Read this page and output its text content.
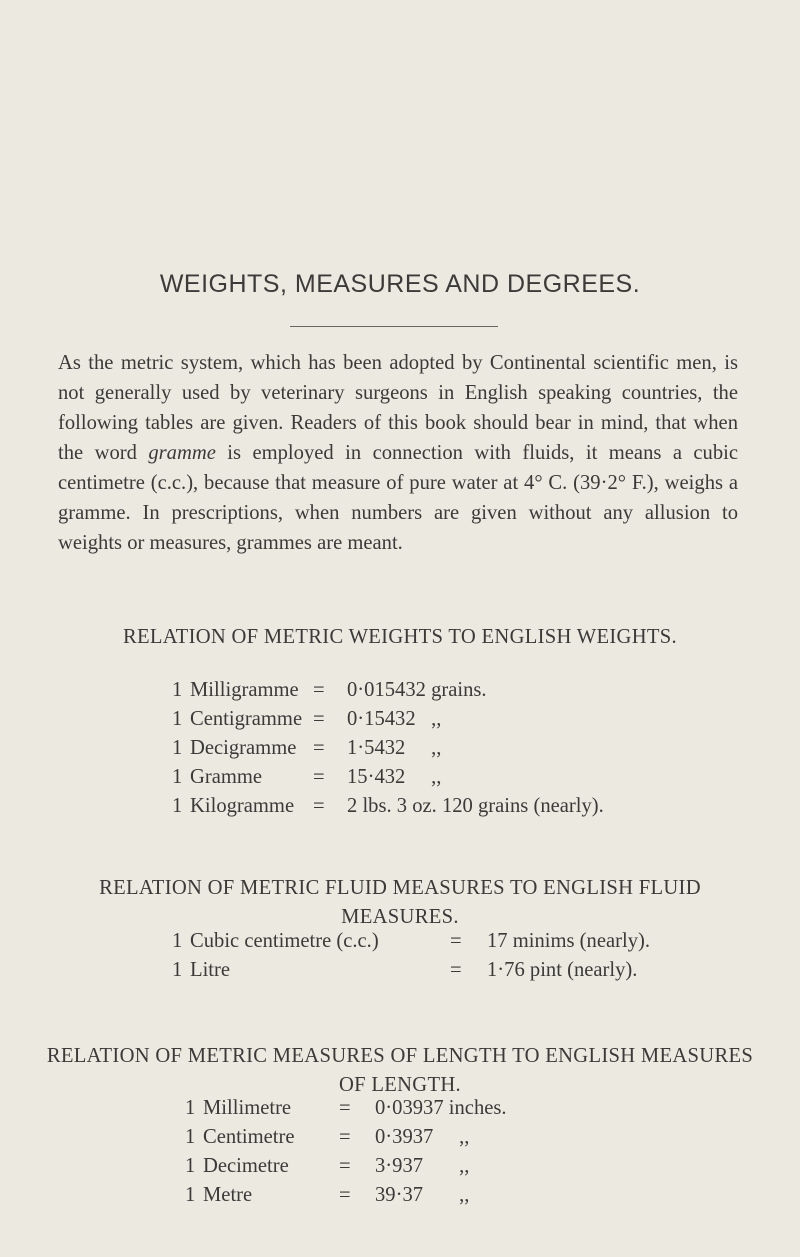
WEIGHTS, MEASURES AND DEGREES.
As the metric system, which has been adopted by Continental scientific men, is not generally used by veterinary surgeons in English speaking countries, the following tables are given. Readers of this book should bear in mind, that when the word gramme is employed in connection with fluids, it means a cubic centimetre (c.c.), because that measure of pure water at 4° C. (39·2° F.), weighs a gramme. In prescriptions, when numbers are given without any allusion to weights or measures, grammes are meant.
RELATION OF METRIC WEIGHTS TO ENGLISH WEIGHTS.
1 Milligramme = 0·015432 grains.
1 Centigramme = 0·15432   ,,
1 Decigramme = 1·5432     ,,
1 Gramme = 15·432     ,,
1 Kilogramme = 2 lbs. 3 oz. 120 grains (nearly).
RELATION OF METRIC FLUID MEASURES TO ENGLISH FLUID MEASURES.
1 Cubic centimetre (c.c.)	= 17 minims (nearly).
1 Litre	= 1·76 pint (nearly).
RELATION OF METRIC MEASURES OF LENGTH TO ENGLISH MEASURES OF LENGTH.
1 Millimetre = 0·03937 inches.
1 Centimetre = 0·3937     ,,
1 Decimetre = 3·937       ,,
1 Metre	= 39·37       ,,
